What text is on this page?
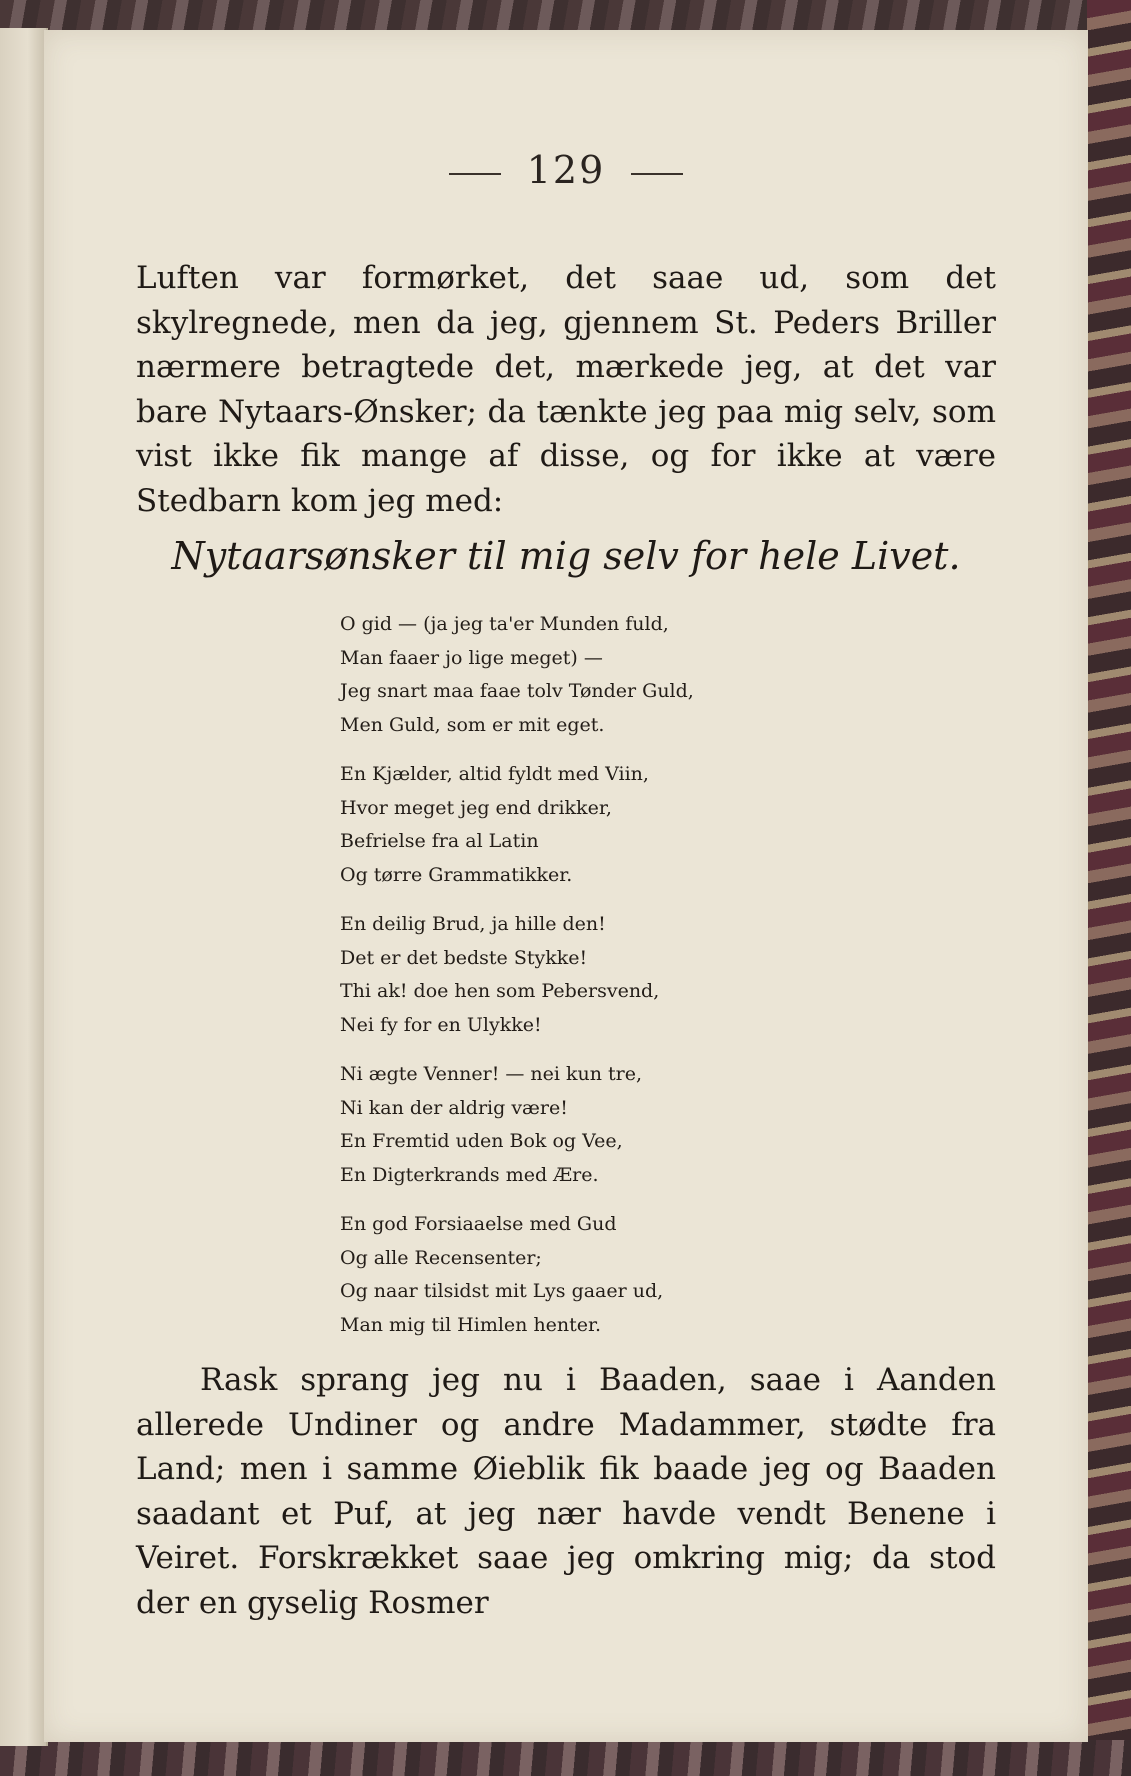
129

Luften var formørket, det saae ud, som det skylregnede, men da jeg, gjennem St. Peders Briller nærmere betragtede det, mærkede jeg, at det var bare Nytaars-Ønsker; da tænkte jeg paa mig selv, som vist ikke fik mange af disse, og for ikke at være Stedbarn kom jeg med:

Nytaarsønsker til mig selv for hele Livet.
O gid — (ja jeg ta'er Munden fuld,
Man faaer jo lige meget) —
Jeg snart maa faae tolv Tønder Guld,
Men Guld, som er mit eget.
En Kjælder, altid fyldt med Viin,
Hvor meget jeg end drikker,
Befrielse fra al Latin
Og tørre Grammatikker.
En deilig Brud, ja hille den!
Det er det bedste Stykke!
Thi ak! doe hen som Pebersvend,
Nei fy for en Ulykke!
Ni ægte Venner! — nei kun tre,
Ni kan der aldrig være!
En Fremtid uden Bok og Vee,
En Digterkrands med Ære.
En god Forsiaaelse med Gud
Og alle Recensenter;
Og naar tilsidst mit Lys gaaer ud,
Man mig til Himlen henter.

Rask sprang jeg nu i Baaden, saae i Aanden allerede Undiner og andre Madammer, stødte fra Land; men i samme Øieblik fik baade jeg og Baaden saadant et Puf, at jeg nær havde vendt Benene i Veiret. Forskrækket saae jeg omkring mig; da stod der en gyselig Rosmer
